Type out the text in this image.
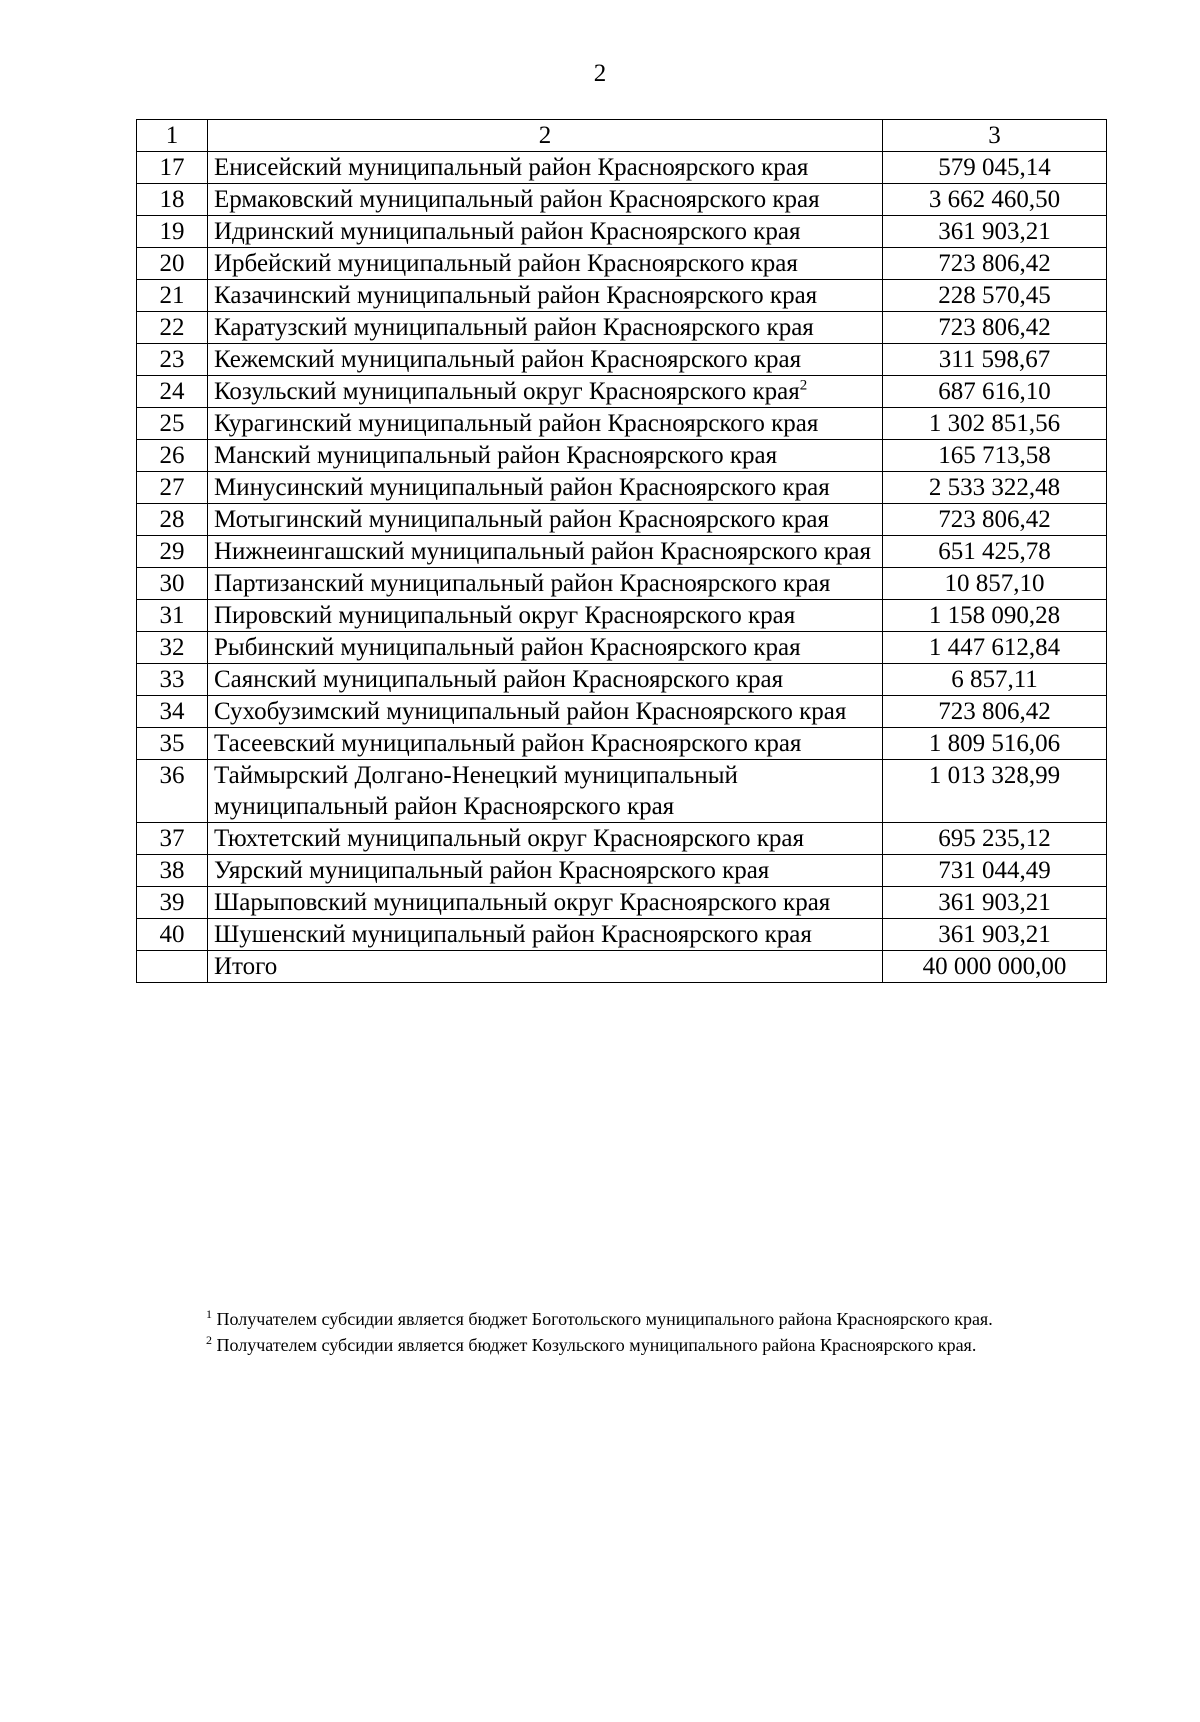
2
1	2	3
17	Енисейский муниципальный район Красноярского края	579 045,14
18	Ермаковский муниципальный район Красноярского края	3 662 460,50
19	Идринский муниципальный район Красноярского края	361 903,21
20	Ирбейский муниципальный район Красноярского края	723 806,42
21	Казачинский муниципальный район Красноярского края	228 570,45
22	Каратузский муниципальный район Красноярского края	723 806,42
23	Кежемский муниципальный район Красноярского края	311 598,67
24	Козульский муниципальный округ Красноярского края$^2$	687 616,10
25	Курагинский муниципальный район Красноярского края	1 302 851,56
26	Манский муниципальный район Красноярского края	165 713,58
27	Минусинский муниципальный район Красноярского края	2 533 322,48
28	Мотыгинский муниципальный район Красноярского края	723 806,42
29	Нижнеингашский муниципальный район Красноярского края	651 425,78
30	Партизанский муниципальный район Красноярского края	10 857,10
31	Пировский муниципальный округ Красноярского края	1 158 090,28
32	Рыбинский муниципальный район Красноярского края	1 447 612,84
33	Саянский муниципальный район Красноярского края	6 857,11
34	Сухобузимский муниципальный район Красноярского края	723 806,42
35	Тасеевский муниципальный район Красноярского края	1 809 516,06
36	Таймырский Долгано-Ненецкий муниципальный муниципальный район Красноярского края	1 013 328,99
37	Тюхтетский муниципальный округ Красноярского края	695 235,12
38	Уярский муниципальный район Красноярского края	731 044,49
39	Шарыповский муниципальный округ Красноярского края	361 903,21
40	Шушенский муниципальный район Красноярского края	361 903,21
	Итого	40 000 000,00
$^1$ Получателем субсидии является бюджет Боготольского муниципального района Красноярского края.
$^2$ Получателем субсидии является бюджет Козульского муниципального района Красноярского края.
